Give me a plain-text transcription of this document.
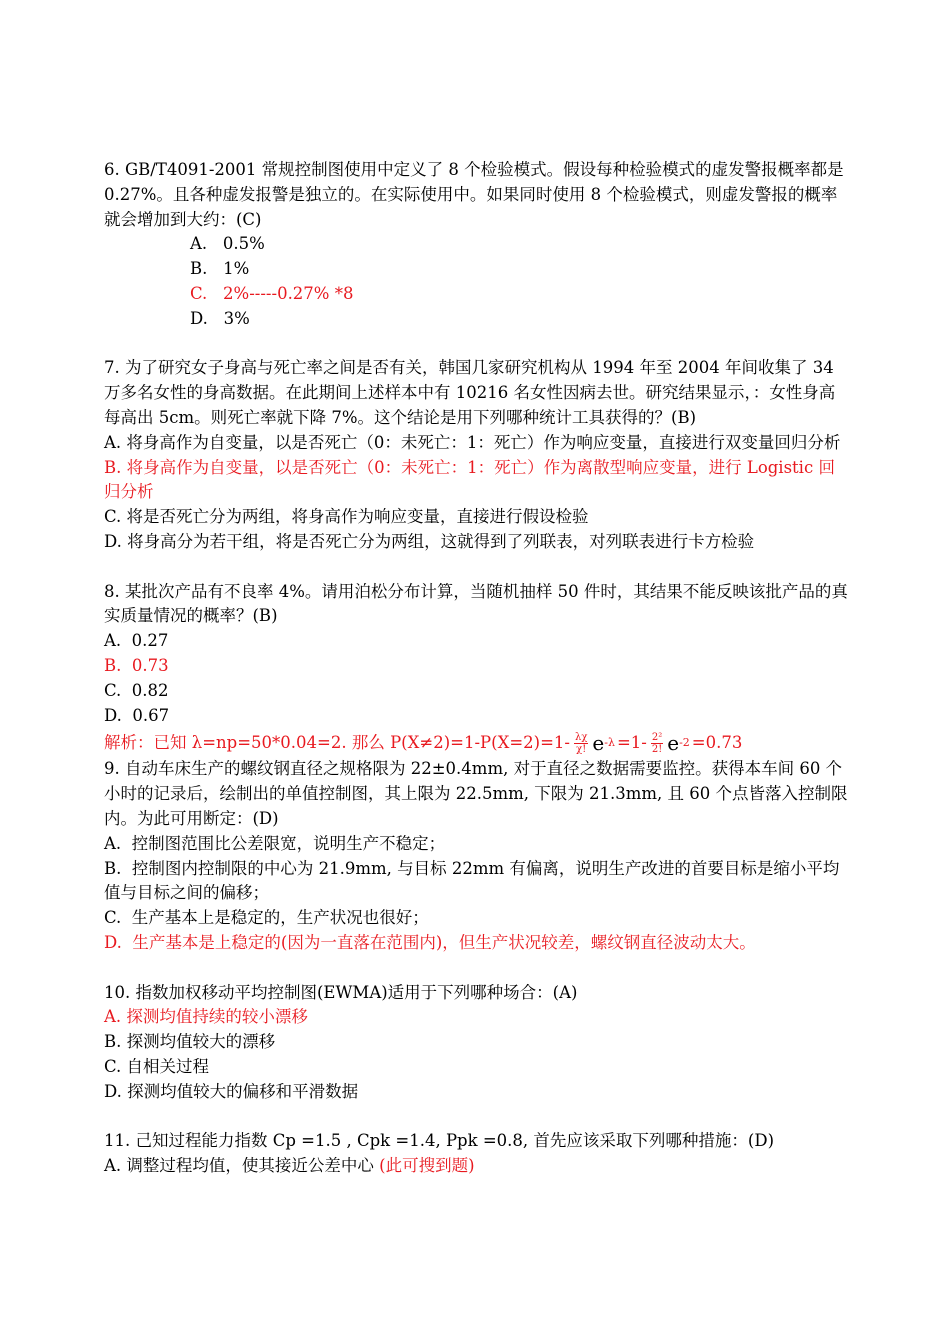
6. GB/T4091-2001 常规控制图使用中定义了 8 个检验模式。假设每种检验模式的虚发警报概率都是 0.27%。且各种虚发报警是独立的。在实际使用中。如果同时使用 8 个检验模式，则虚发警报的概率就会增加到大约：(C)

A.   0.5%
B.   1%
C.   2%-----0.27% *8
D.   3%

7. 为了研究女子身高与死亡率之间是否有关，韩国几家研究机构从 1994 年至 2004 年间收集了 34 万多名女性的身高数据。在此期间上述样本中有 10216 名女性因病去世。研究结果显示，：女性身高每高出 5cm。则死亡率就下降 7%。这个结论是用下列哪种统计工具获得的？(B)

A. 将身高作为自变量，以是否死亡（0：未死亡：1：死亡）作为响应变量，直接进行双变量回归分析

B. 将身高作为自变量，以是否死亡（0：未死亡：1：死亡）作为离散型响应变量，进行 Logistic 回归分析

C. 将是否死亡分为两组，将身高作为响应变量，直接进行假设检验

D. 将身高分为若干组，将是否死亡分为两组，这就得到了列联表，对列联表进行卡方检验

8. 某批次产品有不良率 4%。请用泊松分布计算，当随机抽样 50 件时，其结果不能反映该批产品的真实质量情况的概率？(B)

A.  0.27
B.  0.73
C.  0.82
D.  0.67
解析：已知 λ=np=50*0.04=2. 那么 $P(X\ne 2)=1-P(X=2)=1- \frac{\lambda\chi}{\chi!}$ e $-\lambda =1- \frac{\text{2²}}{2!}$ e -2 =0.73

9. 自动车床生产的螺纹钢直径之规格限为 22±0.4mm, 对于直径之数据需要监控。获得本车间 60 个小时的记录后，绘制出的单值控制图，其上限为 22.5mm, 下限为 21.3mm, 且 60 个点皆落入控制限内。为此可用断定：(D)

A.  控制图范围比公差限宽，说明生产不稳定；

B.  控制图内控制限的中心为 21.9mm, 与目标 22mm 有偏离，说明生产改进的首要目标是缩小平均值与目标之间的偏移；

C.  生产基本上是稳定的，生产状况也很好；

D.  生产基本是上稳定的(因为一直落在范围内)，但生产状况较差，螺纹钢直径波动太大。

10. 指数加权移动平均控制图(EWMA)适用于下列哪种场合：(A)

A. 探测均值持续的较小漂移
B. 探测均值较大的漂移
C. 自相关过程
D. 探测均值较大的偏移和平滑数据

11. 己知过程能力指数 Cp =1.5 , Cpk =1.4, Ppk =0.8, 首先应该采取下列哪种措施：(D)

A. 调整过程均值，使其接近公差中心 (此可搜到题)
